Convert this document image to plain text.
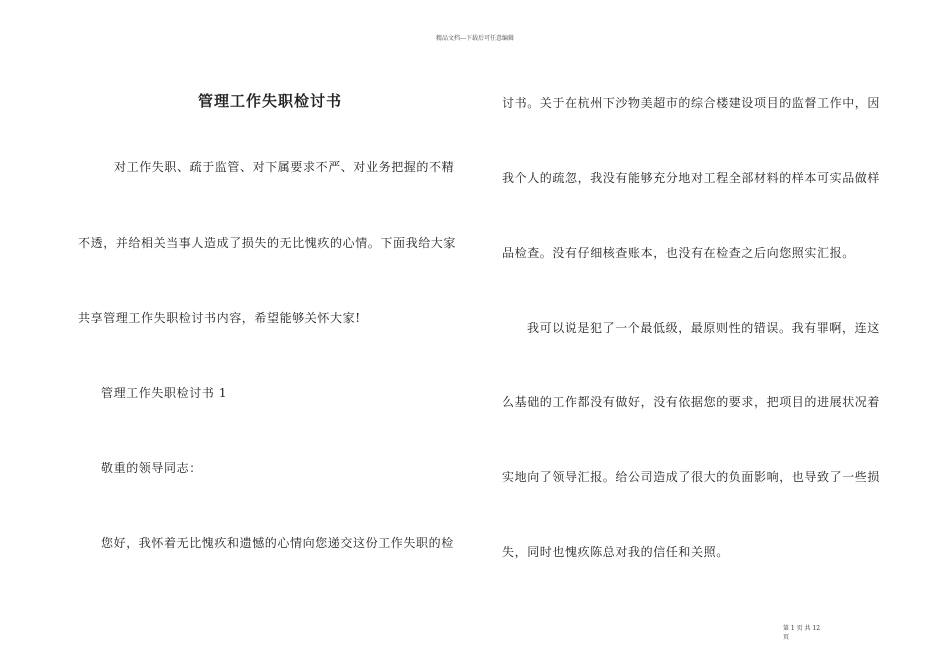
精品文档---下载后可任意编辑
管理工作失职检讨书
对工作失职、疏于监管、对下属要求不严、对业务把握的不精
不透，并给相关当事人造成了损失的无比愧疚的心情。下面我给大家
共享管理工作失职检讨书内容，希望能够关怀大家!
管理工作失职检讨书 1
敬重的领导同志：
您好，我怀着无比愧疚和遗憾的心情向您递交这份工作失职的检
讨书。关于在杭州下沙物美超市的综合楼建设项目的监督工作中，因
我个人的疏忽，我没有能够充分地对工程全部材料的样本可实品做样
品检查。没有仔细核查账本，也没有在检查之后向您照实汇报。
我可以说是犯了一个最低级，最原则性的错误。我有罪啊，连这
么基础的工作都没有做好，没有依据您的要求，把项目的进展状况着
实地向了领导汇报。给公司造成了很大的负面影响，也导致了一些损
失，同时也愧疚陈总对我的信任和关照。
第 1 页 共 12
页
